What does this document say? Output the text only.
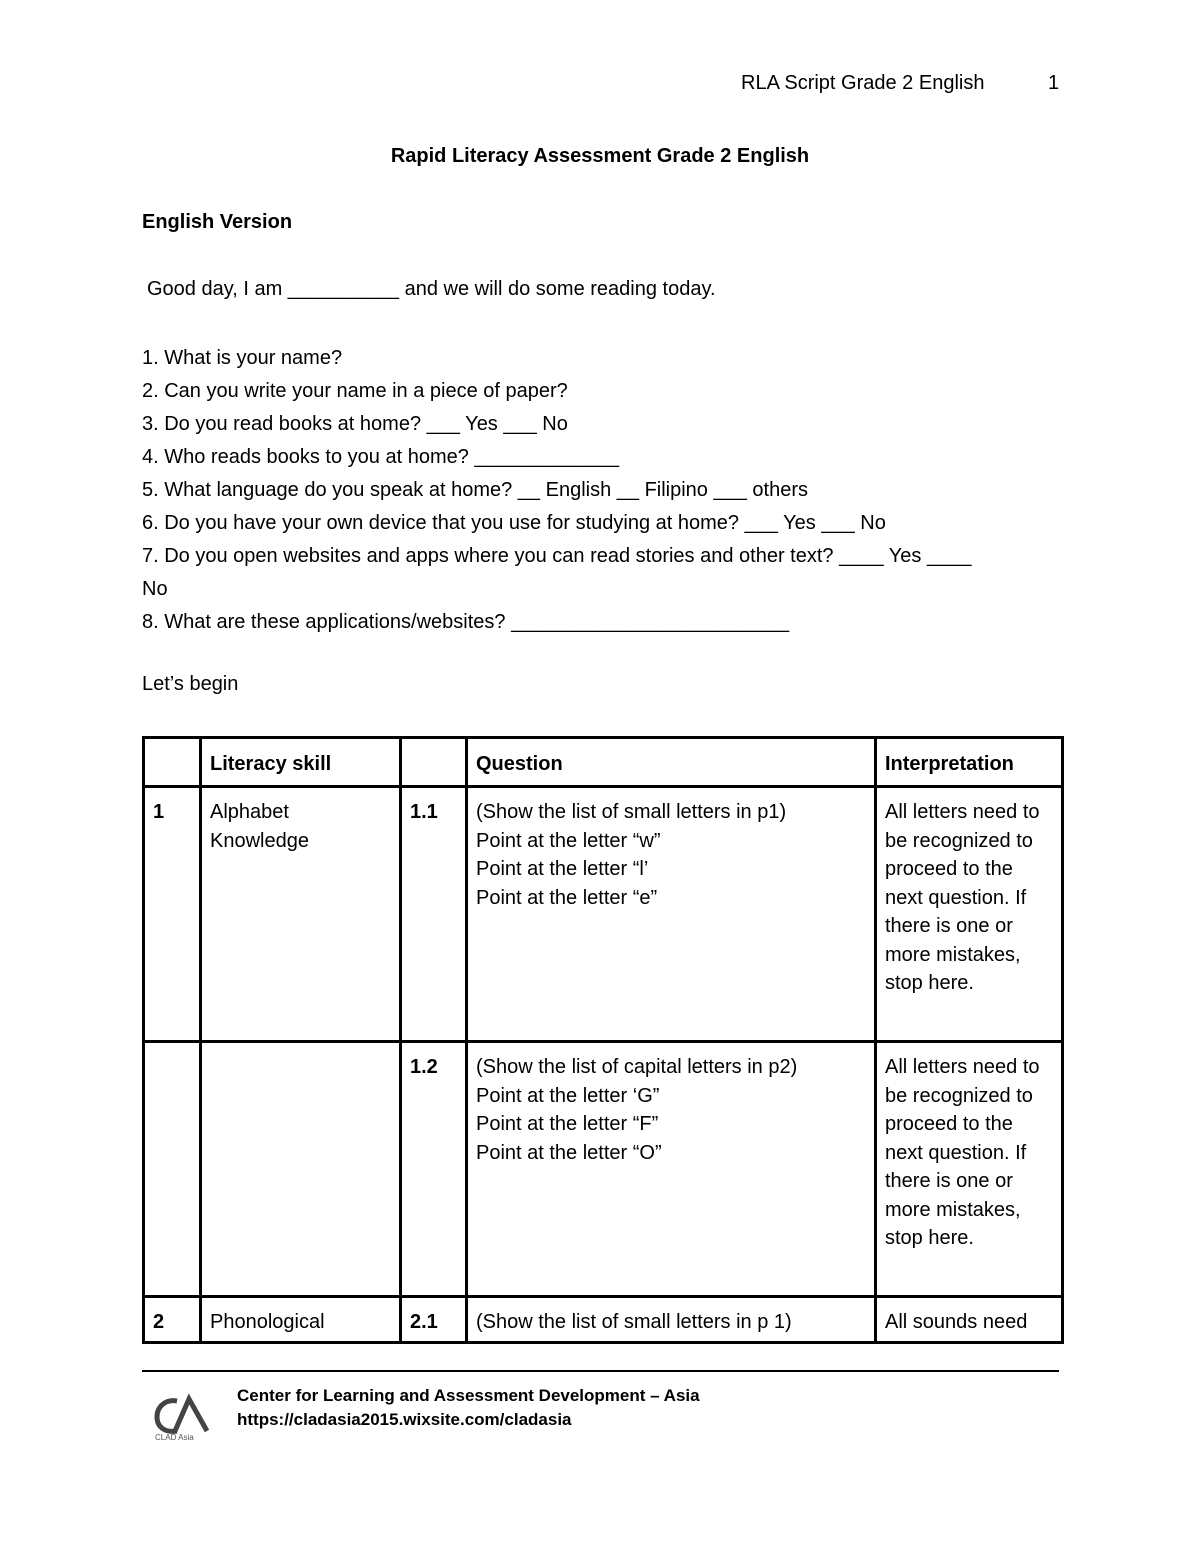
RLA Script Grade 2 English	1
Rapid Literacy Assessment Grade 2 English
English Version
Good day, I am __________ and we will do some reading today.
1. What is your name?
2. Can you write your name in a piece of paper?
3. Do you read books at home? ___ Yes ___ No
4. Who reads books to you at home? _____________
5. What language do you speak at home? __ English __ Filipino ___ others
6. Do you have your own device that you use for studying at home? ___ Yes ___ No
7. Do you open websites and apps where you can read stories and other text? ____ Yes ____
No
8. What are these applications/websites? _________________________
Let’s begin
	Literacy skill		Question	Interpretation
1	Alphabet Knowledge	1.1	(Show the list of small letters in p1)
Point at the letter “w”
Point at the letter “l’
Point at the letter “e”	All letters need to be recognized to proceed to the next question. If there is one or more mistakes, stop here.
		1.2	(Show the list of capital letters in p2)
Point at the letter ‘G”
Point at the letter “F”
Point at the letter “O”	All letters need to be recognized to proceed to the next question. If there is one or more mistakes, stop here.
2	Phonological	2.1	(Show the list of small letters in p 1)	All sounds need
CLAD Asia
Center for Learning and Assessment Development – Asia
https://cladasia2015.wixsite.com/cladasia
